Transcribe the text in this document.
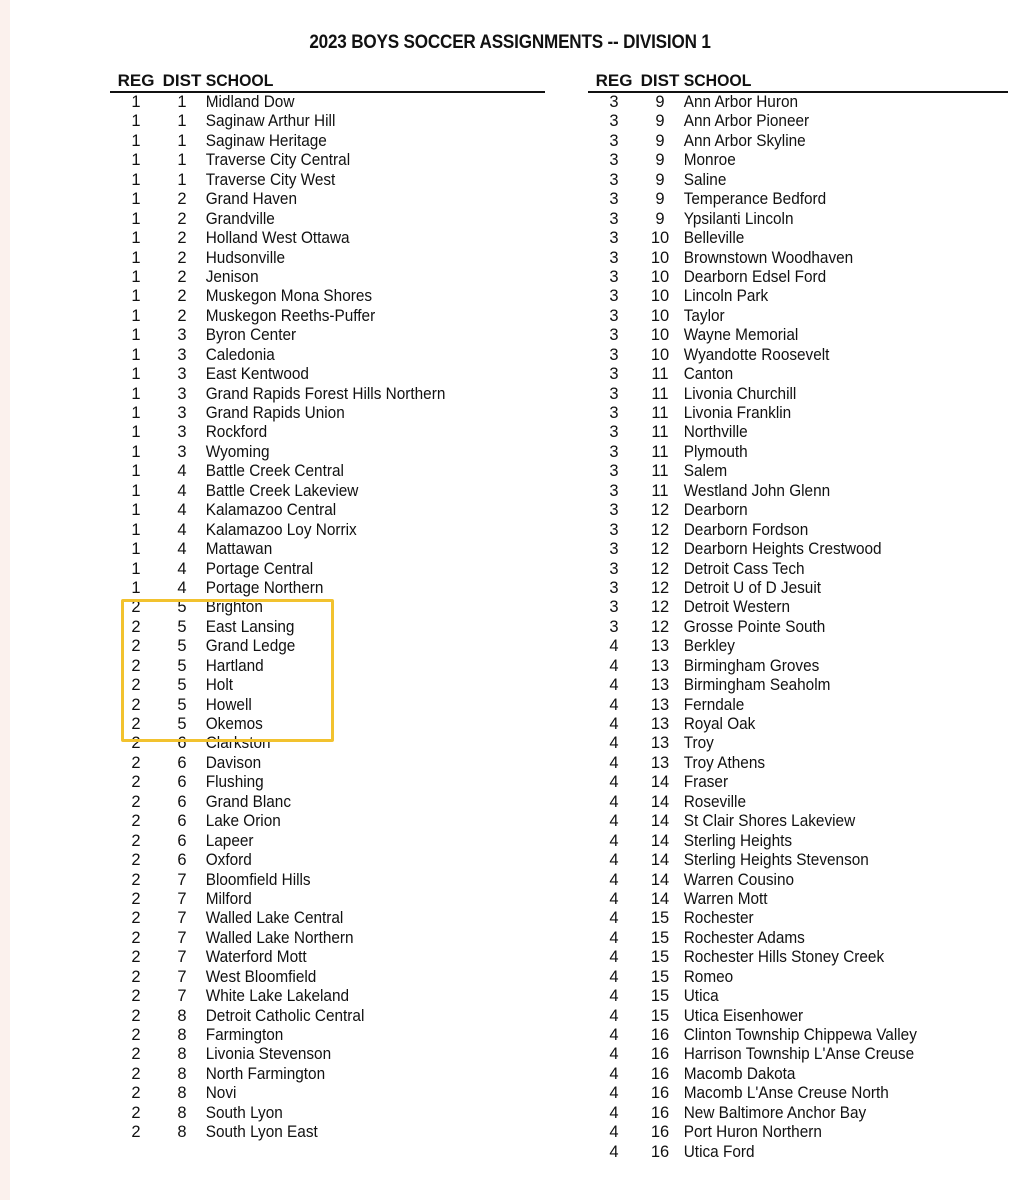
2023 BOYS SOCCER ASSIGNMENTS -- DIVISION 1
REG DIST SCHOOL
1	1	Midland Dow
1	1	Saginaw Arthur Hill
1	1	Saginaw Heritage
1	1	Traverse City Central
1	1	Traverse City West
1	2	Grand Haven
1	2	Grandville
1	2	Holland West Ottawa
1	2	Hudsonville
1	2	Jenison
1	2	Muskegon Mona Shores
1	2	Muskegon Reeths-Puffer
1	3	Byron Center
1	3	Caledonia
1	3	East Kentwood
1	3	Grand Rapids Forest Hills Northern
1	3	Grand Rapids Union
1	3	Rockford
1	3	Wyoming
1	4	Battle Creek Central
1	4	Battle Creek Lakeview
1	4	Kalamazoo Central
1	4	Kalamazoo Loy Norrix
1	4	Mattawan
1	4	Portage Central
1	4	Portage Northern
2	5	Brighton
2	5	East Lansing
2	5	Grand Ledge
2	5	Hartland
2	5	Holt
2	5	Howell
2	5	Okemos
2	6	Clarkston
2	6	Davison
2	6	Flushing
2	6	Grand Blanc
2	6	Lake Orion
2	6	Lapeer
2	6	Oxford
2	7	Bloomfield Hills
2	7	Milford
2	7	Walled Lake Central
2	7	Walled Lake Northern
2	7	Waterford Mott
2	7	West Bloomfield
2	7	White Lake Lakeland
2	8	Detroit Catholic Central
2	8	Farmington
2	8	Livonia Stevenson
2	8	North Farmington
2	8	Novi
2	8	South Lyon
2	8	South Lyon East
REG DIST SCHOOL
3	9	Ann Arbor Huron
3	9	Ann Arbor Pioneer
3	9	Ann Arbor Skyline
3	9	Monroe
3	9	Saline
3	9	Temperance Bedford
3	9	Ypsilanti Lincoln
3	10 Belleville
3	10 Brownstown Woodhaven
3	10 Dearborn Edsel Ford
3	10 Lincoln Park
3	10 Taylor
3	10 Wayne Memorial
3	10 Wyandotte Roosevelt
3	11 Canton
3	11 Livonia Churchill
3	11 Livonia Franklin
3	11 Northville
3	11 Plymouth
3	11 Salem
3	11 Westland John Glenn
3	12 Dearborn
3	12 Dearborn Fordson
3	12 Dearborn Heights Crestwood
3	12 Detroit Cass Tech
3	12 Detroit U of D Jesuit
3	12 Detroit Western
3	12 Grosse Pointe South
4	13 Berkley
4	13 Birmingham Groves
4	13 Birmingham Seaholm
4	13 Ferndale
4	13 Royal Oak
4	13 Troy
4	13 Troy Athens
4	14 Fraser
4	14 Roseville
4	14 St Clair Shores Lakeview
4	14 Sterling Heights
4	14 Sterling Heights Stevenson
4	14 Warren Cousino
4	14 Warren Mott
4	15 Rochester
4	15 Rochester Adams
4	15 Rochester Hills Stoney Creek
4	15 Romeo
4	15 Utica
4	15 Utica Eisenhower
4	16 Clinton Township Chippewa Valley
4	16 Harrison Township L'Anse Creuse
4	16 Macomb Dakota
4	16 Macomb L'Anse Creuse North
4	16 New Baltimore Anchor Bay
4	16 Port Huron Northern
4	16 Utica Ford
